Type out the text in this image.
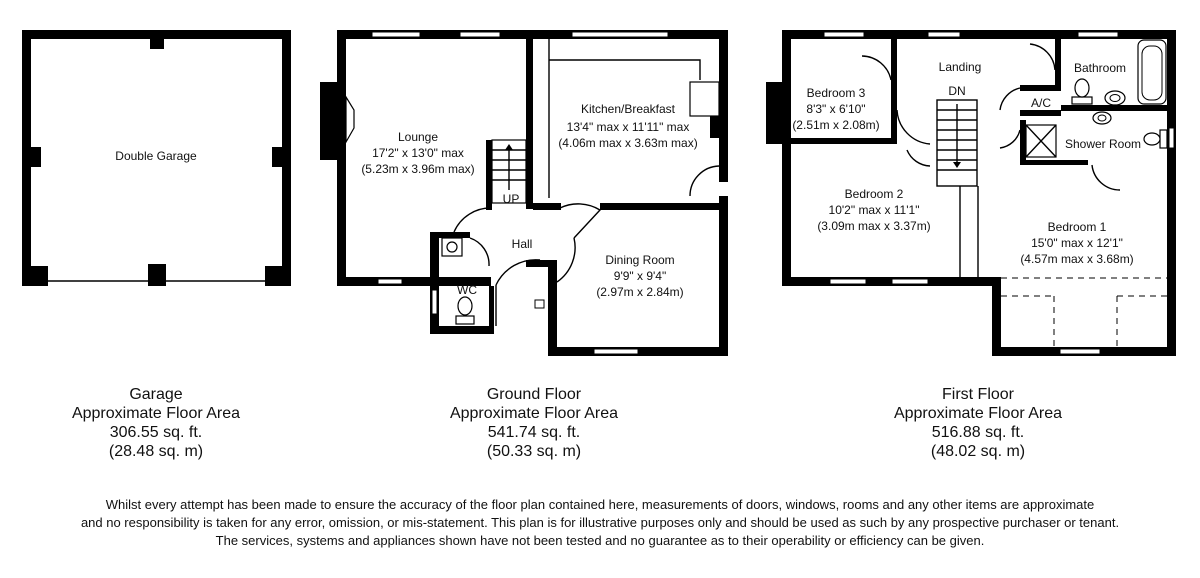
Double Garage
Lounge
17'2" x 13'0" max
(5.23m x 3.96m max)
Kitchen/Breakfast
13'4" max x 11'11" max
(4.06m max x 3.63m max)
Dining Room
9'9" x 9'4"
(2.97m x 2.84m)
Hall
WC
UP
Bedroom 3
8'3" x 6'10"
(2.51m x 2.08m)
Landing
DN
Bathroom
A/C
Shower Room
Bedroom 2
10'2" max x 11'1"
(3.09m max x 3.37m)	Bedroom 1
15'0" max x 12'1"
(4.57m max x 3.68m)
Garage
Approximate Floor Area
306.55 sq. ft.
(28.48 sq. m)
Ground Floor
Approximate Floor Area
541.74 sq. ft.
(50.33 sq. m)
First Floor
Approximate Floor Area
516.88 sq. ft.
(48.02 sq. m)
Whilst every attempt has been made to ensure the accuracy of the floor plan contained here, measurements of doors, windows, rooms and any other items are approximate
and no responsibility is taken for any error, omission, or mis-statement. This plan is for illustrative purposes only and should be used as such by any prospective purchaser or tenant.
The services, systems and appliances shown have not been tested and no guarantee as to their operability or efficiency can be given.
